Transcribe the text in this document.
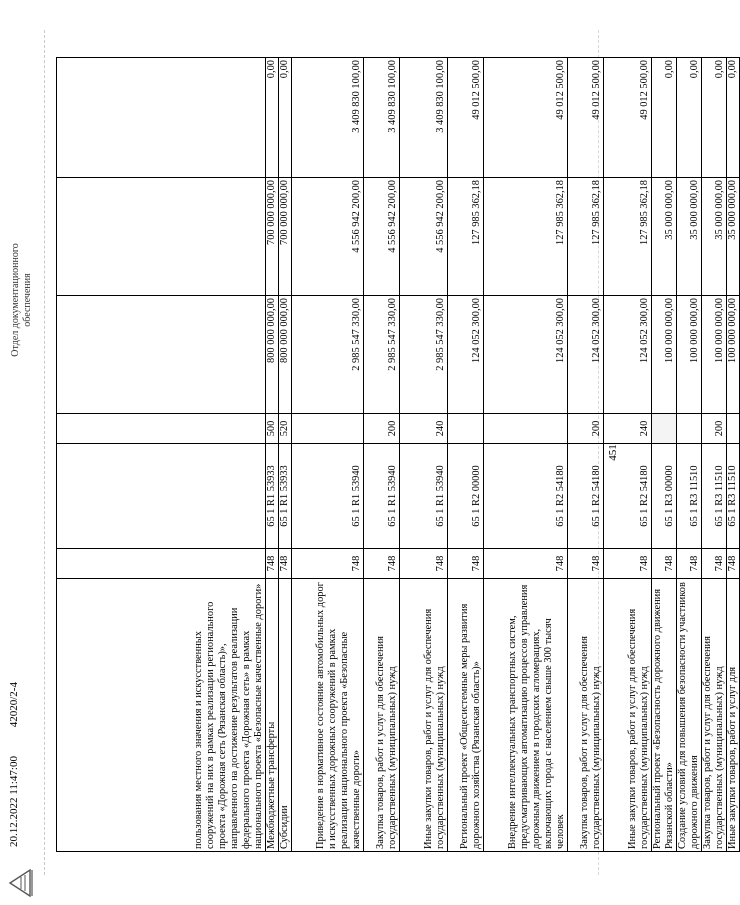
451
20.12.2022 11:47:00 42020/2-4
Отдел документационного обеспечения
пользования местного значения и искусственных сооружений на них в рамках реализации регионального проекта «Дорожная сеть (Рязанская область)», направленного на достижение результатов реализации федерального проекта «Дорожная сеть» в рамках национального проекта «Безопасные качественные дороги»						
Межбюджетные трансферты	748	65 1 R1 53933	500	800 000 000,00	700 000 000,00	0,00
Субсидии	748	65 1 R1 53933	520	800 000 000,00	700 000 000,00	0,00
Приведение в нормативное состояние автомобильных дорог и искусственных дорожных сооружений в рамках реализации национального проекта «Безопасные качественные дороги»	748	65 1 R1 53940		2 985 547 330,00	4 556 942 200,00	3 409 830 100,00
Закупка товаров, работ и услуг для обеспечения государственных (муниципальных) нужд	748	65 1 R1 53940	200	2 985 547 330,00	4 556 942 200,00	3 409 830 100,00
Иные закупки товаров, работ и услуг для обеспечения государственных (муниципальных) нужд	748	65 1 R1 53940	240	2 985 547 330,00	4 556 942 200,00	3 409 830 100,00
Региональный проект «Общесистемные меры развития дорожного хозяйства (Рязанская область)»	748	65 1 R2 00000		124 052 300,00	127 985 362,18	49 012 500,00
Внедрение интеллектуальных транспортных систем, предусматривающих автоматизацию процессов управления дорожным движением в городских агломерациях, включающих города с населением свыше 300 тысяч человек	748	65 1 R2 54180		124 052 300,00	127 985 362,18	49 012 500,00
Закупка товаров, работ и услуг для обеспечения государственных (муниципальных) нужд	748	65 1 R2 54180	200	124 052 300,00	127 985 362,18	49 012 500,00
Иные закупки товаров, работ и услуг для обеспечения государственных (муниципальных) нужд	748	65 1 R2 54180	240	124 052 300,00	127 985 362,18	49 012 500,00
Региональный проект «Безопасность дорожного движения Рязанской области»	748	65 1 R3 00000		100 000 000,00	35 000 000,00	0,00
Создание условий для повышения безопасности участников дорожного движения	748	65 1 R3 11510		100 000 000,00	35 000 000,00	0,00
Закупка товаров, работ и услуг для обеспечения государственных (муниципальных) нужд	748	65 1 R3 11510	200	100 000 000,00	35 000 000,00	0,00
Иные закупки товаров, работ и услуг для	748	65 1 R3 11510		100 000 000,00	35 000 000,00	0,00
